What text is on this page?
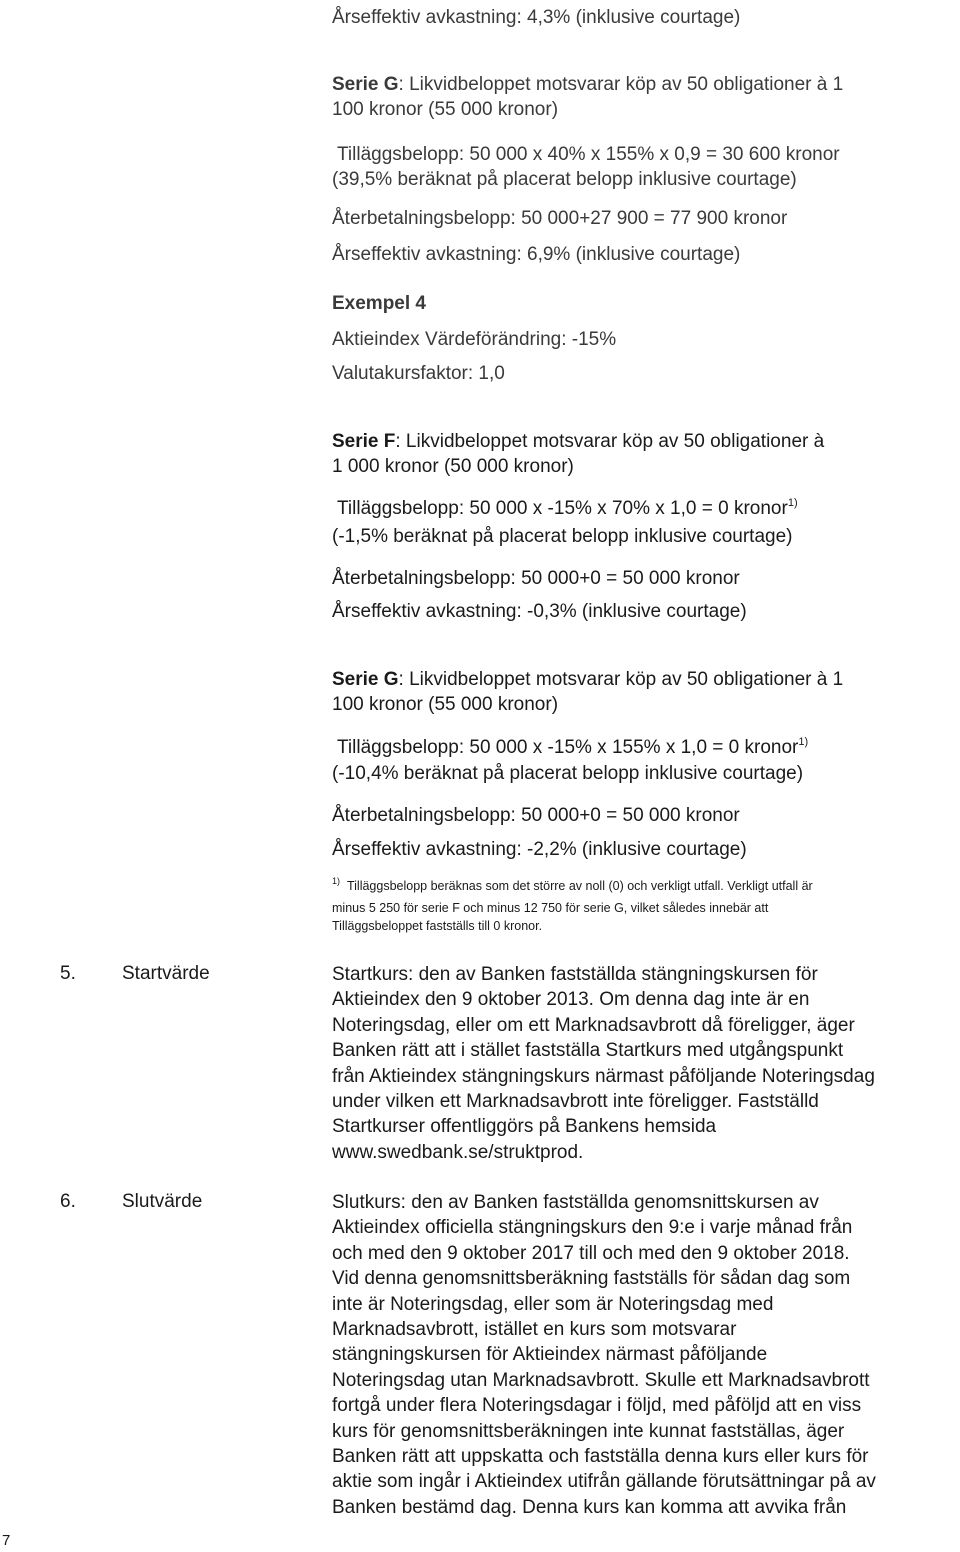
Årseffektiv avkastning: 4,3% (inklusive courtage)

Serie G: Likvidbeloppet motsvarar köp av 50 obligationer à 1

100 kronor (55 000 kronor)

Tilläggsbelopp: 50 000 x 40% x 155% x 0,9 = 30 600 kronor

(39,5% beräknat på placerat belopp inklusive courtage)

Återbetalningsbelopp: 50 000+27 900 = 77 900 kronor

Årseffektiv avkastning: 6,9% (inklusive courtage)

Exempel 4

Aktieindex Värdeförändring: -15%

Valutakursfaktor: 1,0

Serie F: Likvidbeloppet motsvarar köp av 50 obligationer à

1 000 kronor (50 000 kronor)

Tilläggsbelopp: 50 000 x -15% x 70% x 1,0 = 0 kronor$^{1)}$

(-1,5% beräknat på placerat belopp inklusive courtage)

Återbetalningsbelopp: 50 000+0 = 50 000 kronor

Årseffektiv avkastning: -0,3% (inklusive courtage)

Serie G: Likvidbeloppet motsvarar köp av 50 obligationer à 1

100 kronor (55 000 kronor)

Tilläggsbelopp: 50 000 x -15% x 155% x 1,0 = 0 kronor$^{1)}$

(-10,4% beräknat på placerat belopp inklusive courtage)

Återbetalningsbelopp: 50 000+0 = 50 000 kronor

Årseffektiv avkastning: -2,2% (inklusive courtage)

$^{1)}$ Tilläggsbelopp beräknas som det större av noll (0) och verkligt utfall. Verkligt utfall är
minus 5 250 för serie F och minus 12 750 för serie G, vilket således innebär att
Tilläggsbeloppet fastställs till 0 kronor.
5. Startvärde	Startkurs: den av Banken fastställda stängningskursen för
Aktieindex den 9 oktober 2013. Om denna dag inte är en
Noteringsdag, eller om ett Marknadsavbrott då föreligger, äger
Banken rätt att i stället fastställa Startkurs med utgångspunkt
från Aktieindex stängningskurs närmast påföljande Noteringsdag
under vilken ett Marknadsavbrott inte föreligger. Fastställd
Startkurser offentliggörs på Bankens hemsida
www.swedbank.se/struktprod.
6. Slutvärde	Slutkurs: den av Banken fastställda genomsnittskursen av
Aktieindex officiella stängningskurs den 9:e i varje månad från
och med den 9 oktober 2017 till och med den 9 oktober 2018.
Vid denna genomsnittsberäkning fastställs för sådan dag som
inte är Noteringsdag, eller som är Noteringsdag med
Marknadsavbrott, istället en kurs som motsvarar
stängningskursen för Aktieindex närmast påföljande
Noteringsdag utan Marknadsavbrott. Skulle ett Marknadsavbrott
fortgå under flera Noteringsdagar i följd, med påföljd att en viss
kurs för genomsnittsberäkningen inte kunnat fastställas, äger
Banken rätt att uppskatta och fastställa denna kurs eller kurs för
aktie som ingår i Aktieindex utifrån gällande förutsättningar på av
Banken bestämd dag. Denna kurs kan komma att avvika från
7
